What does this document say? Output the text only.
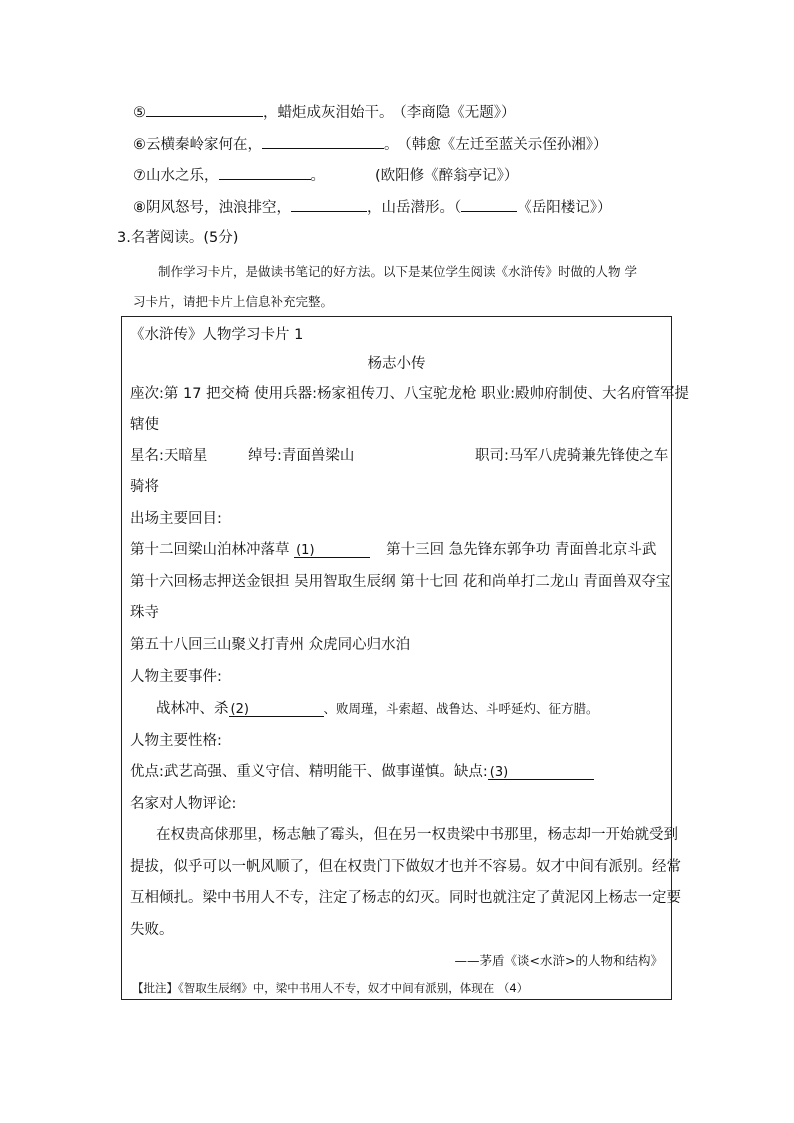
⑤	，蜡炬成灰泪始干。 （李商隐《无题》）
⑥云横秦岭家何在，	。 （韩愈《左迁至蓝关示侄孙湘》）
⑦山水之乐，	。	(欧阳修《醉翁亭记》）
⑧阴风怒号，浊浪排空，	，山岳潜形。（	《岳阳楼记》）
3.名著阅读。(5分)
制作学习卡片，是做读书笔记的好方法。以下是某位学生阅读《水浒传》时做的人物 学
习卡片，请把卡片上信息补充完整。
《水浒传》人物学习卡片 1
杨志小传
座次:第 17 把交椅 使用兵器:杨家祖传刀、八宝驼龙枪 职业:殿帅府制使、大名府管军提
辖使
星名:天暗星	绰号:青面兽梁山	职司:马军八虎骑兼先锋使之车
骑将
出场主要回目:
第十二回梁山泊林冲落草 (1)	第十三回 急先锋东郭争功 青面兽北京斗武
第十六回杨志押送金银担 吴用智取生辰纲 第十七回 花和尚单打二龙山 青面兽双夺宝
珠寺
第五十八回三山聚义打青州 众虎同心归水泊
人物主要事件:
战林冲、杀 (2)	、败周瑾，斗索超、战鲁达、斗呼延灼、征方腊。
人物主要性格:
优点:武艺高强、重义守信、精明能干、做事谨慎。缺点: (3)
名家对人物评论:
在权贵高俅那里，杨志触了霉头，但在另一权贵梁中书那里，杨志却一开始就受到
提拔，似乎可以一帆风顺了，但在权贵门下做奴才也并不容易。奴才中间有派别。经常
互相倾扎。梁中书用人不专，注定了杨志的幻灭。同时也就注定了黄泥冈上杨志一定要
失败。
——茅盾《谈<水浒>的人物和结构》
【批注】《智取生辰纲》中，梁中书用人不专，奴才中间有派别，体现在 （4）
